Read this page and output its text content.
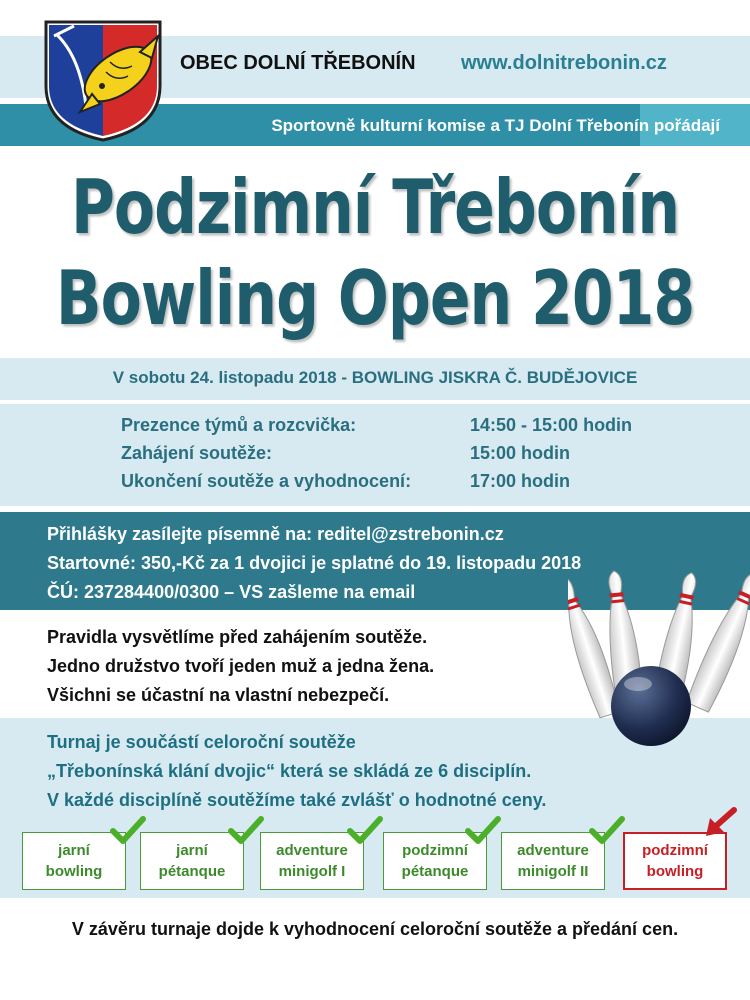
OBEC DOLNÍ TŘEBONÍN www.dolnitrebonin.cz
Sportovně kulturní komise a TJ Dolní Třebonín pořádají
Podzimní Třebonín
Bowling Open 2018
V sobotu 24. listopadu 2018 - BOWLING JISKRA Č. BUDĚJOVICE
Prezence týmů a rozcvička:	14:50 - 15:00 hodin
Zahájení soutěže:	15:00 hodin
Ukončení soutěže a vyhodnocení:	17:00 hodin
Přihlášky zasílejte písemně na: reditel@zstrebonin.cz
Startovné: 350,-Kč za 1 dvojici je splatné do 19. listopadu 2018
ČÚ: 237284400/0300 – VS zašleme na email
Pravidla vysvětlíme před zahájením soutěže.
Jedno družstvo tvoří jeden muž a jedna žena.
Všichni se účastní na vlastní nebezpečí.
Turnaj je součástí celoroční soutěže
„Třebonínská klání dvojic“ která se skládá ze 6 disciplín.
V každé disciplíně soutěžíme také zvlášť o hodnotné ceny.
jarní
bowling
jarní
pétanque
adventure
minigolf I
podzimní
pétanque
adventure
minigolf II
podzimní
bowling
V závěru turnaje dojde k vyhodnocení celoroční soutěže a předání cen.
